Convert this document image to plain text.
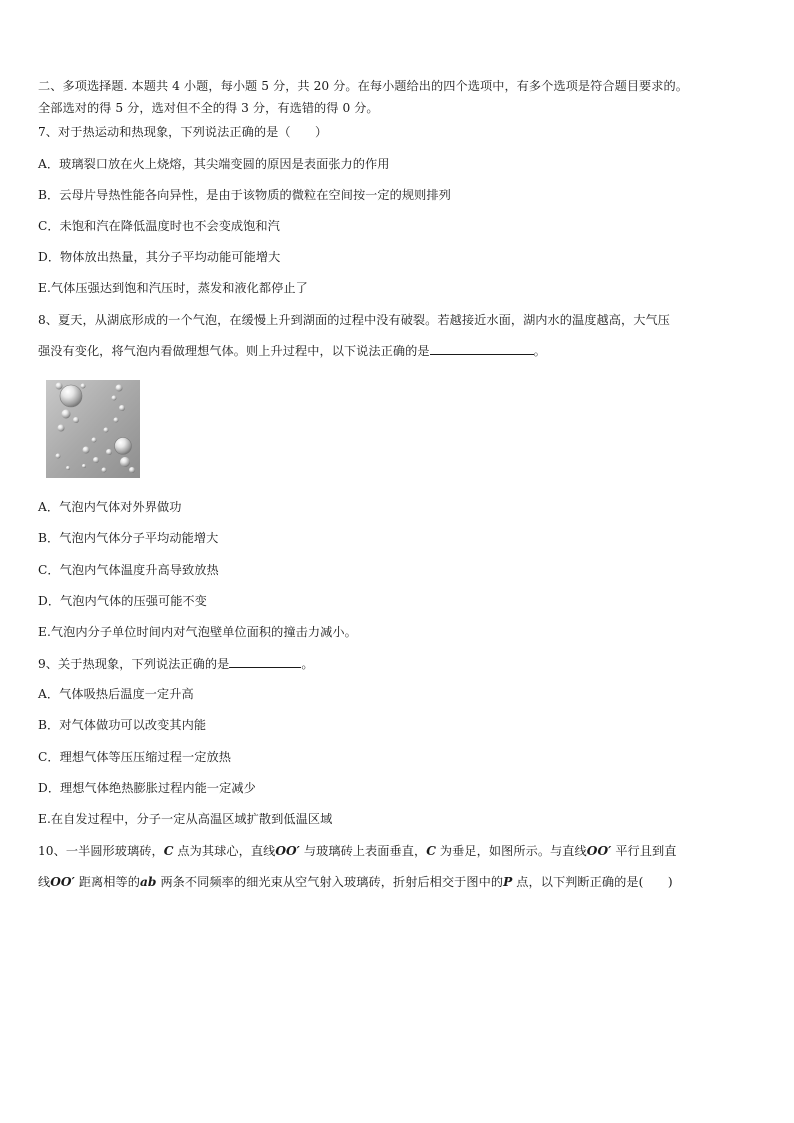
二、多项选择题. 本题共 4 小题，每小题 5 分，共 20 分。在每小题给出的四个选项中，有多个选项是符合题目要求的。
全部选对的得 5 分，选对但不全的得 3 分，有选错的得 0 分。
7、对于热运动和热现象，下列说法正确的是（　　）
A．玻璃裂口放在火上烧熔，其尖端变圆的原因是表面张力的作用
B．云母片导热性能各向异性，是由于该物质的微粒在空间按一定的规则排列
C．未饱和汽在降低温度时也不会变成饱和汽
D．物体放出热量，其分子平均动能可能增大
E.气体压强达到饱和汽压时，蒸发和液化都停止了
8、夏天，从湖底形成的一个气泡，在缓慢上升到湖面的过程中没有破裂。若越接近水面，湖内水的温度越高，大气压
强没有变化，将气泡内看做理想气体。则上升过程中，以下说法正确的是	。
A．气泡内气体对外界做功
B．气泡内气体分子平均动能增大
C．气泡内气体温度升高导致放热
D．气泡内气体的压强可能不变
E.气泡内分子单位时间内对气泡壁单位面积的撞击力减小。
9、关于热现象，下列说法正确的是	。
A．气体吸热后温度一定升高
B．对气体做功可以改变其内能
C．理想气体等压压缩过程一定放热
D．理想气体绝热膨胀过程内能一定减少
E.在自发过程中，分子一定从高温区域扩散到低温区域
10、一半圆形玻璃砖，C 点为其球心，直线OO′ 与玻璃砖上表面垂直，C 为垂足，如图所示。与直线OO′ 平行且到直
线OO′ 距离相等的ab 两条不同频率的细光束从空气射入玻璃砖，折射后相交于图中的P 点，以下判断正确的是(　　)
